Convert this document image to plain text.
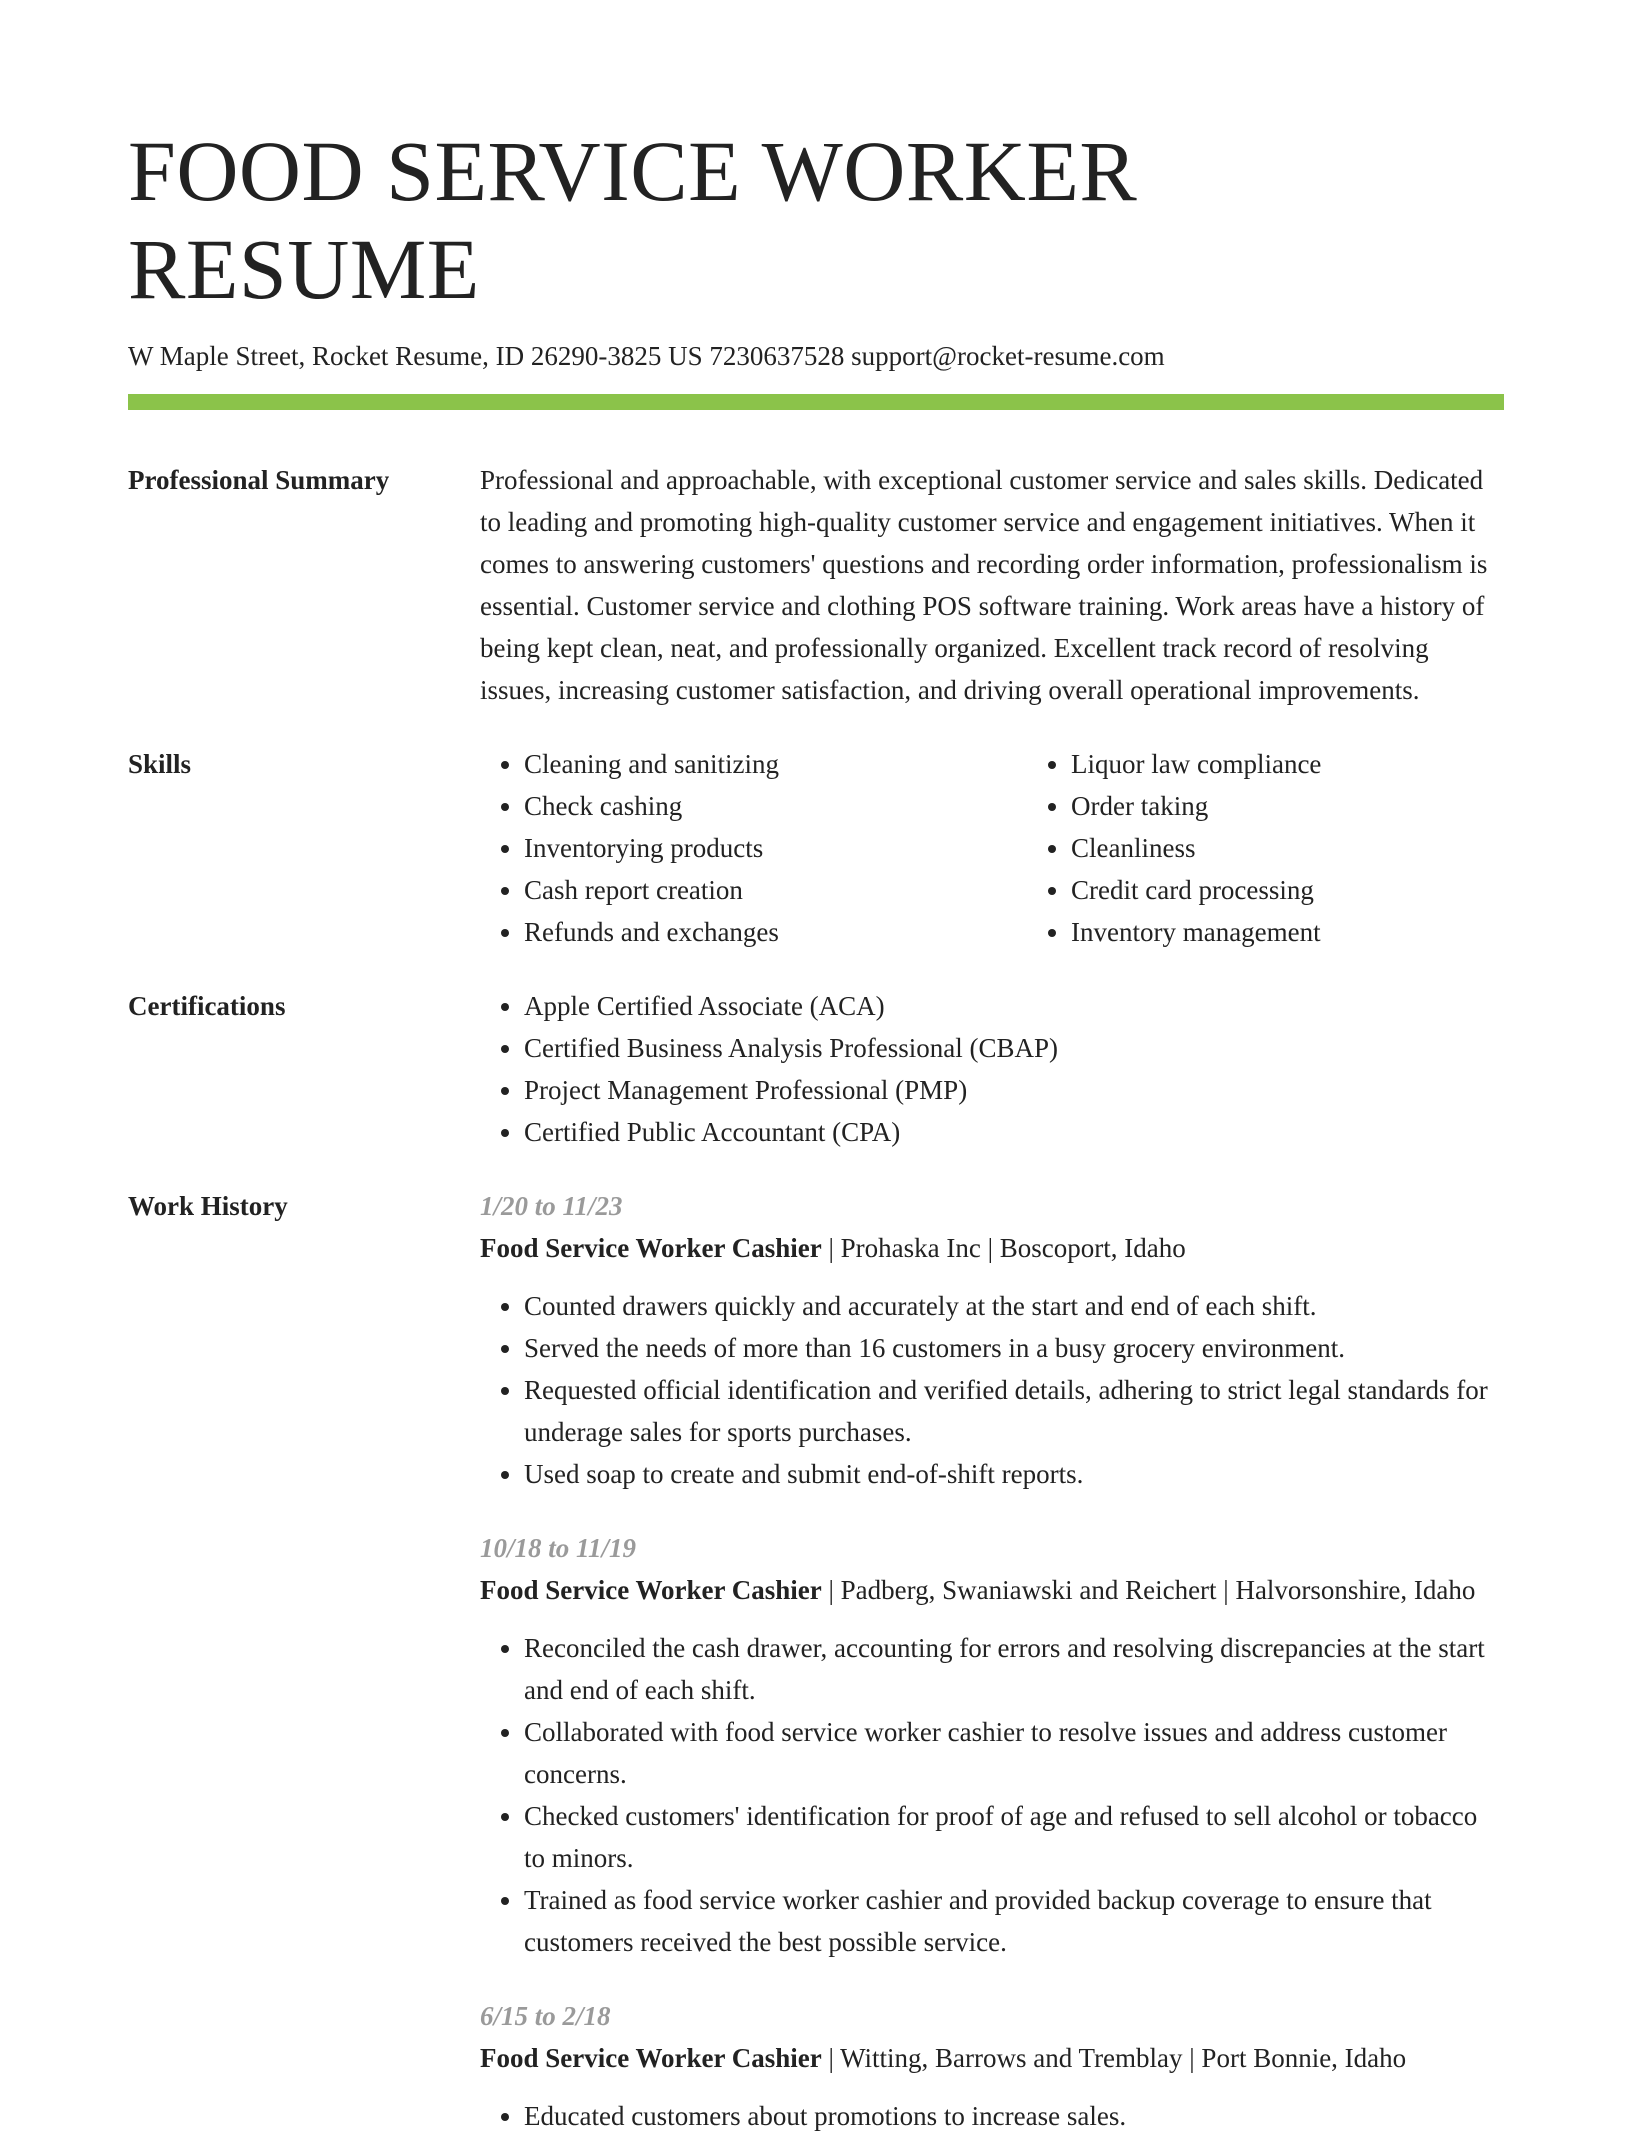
FOOD SERVICE WORKER RESUME
W Maple Street, Rocket Resume, ID 26290-3825 US 7230637528 support@rocket-resume.com
Professional Summary	Professional and approachable, with exceptional customer service and sales skills. Dedicated to leading and promoting high-quality customer service and engagement initiatives. When it comes to answering customers' questions and recording order information, professionalism is essential. Customer service and clothing POS software training. Work areas have a history of being kept clean, neat, and professionally organized. Excellent track record of resolving issues, increasing customer satisfaction, and driving overall operational improvements.
Skills	• Cleaning and sanitizing
• Check cashing
• Inventorying products
• Cash report creation
• Refunds and exchanges
• Liquor law compliance
• Order taking
• Cleanliness
• Credit card processing
• Inventory management
Certifications	• Apple Certified Associate (ACA)
• Certified Business Analysis Professional (CBAP)
• Project Management Professional (PMP)
• Certified Public Accountant (CPA)
Work History	1/20 to 11/23
Food Service Worker Cashier | Prohaska Inc | Boscoport, Idaho
• Counted drawers quickly and accurately at the start and end of each shift.
• Served the needs of more than 16 customers in a busy grocery environment.
• Requested official identification and verified details, adhering to strict legal standards for underage sales for sports purchases.
• Used soap to create and submit end-of-shift reports.
10/18 to 11/19
Food Service Worker Cashier | Padberg, Swaniawski and Reichert | Halvorsonshire, Idaho
• Reconciled the cash drawer, accounting for errors and resolving discrepancies at the start and end of each shift.
• Collaborated with food service worker cashier to resolve issues and address customer concerns.
• Checked customers' identification for proof of age and refused to sell alcohol or tobacco to minors.
• Trained as food service worker cashier and provided backup coverage to ensure that customers received the best possible service.
6/15 to 2/18
Food Service Worker Cashier | Witting, Barrows and Tremblay | Port Bonnie, Idaho
• Educated customers about promotions to increase sales.
